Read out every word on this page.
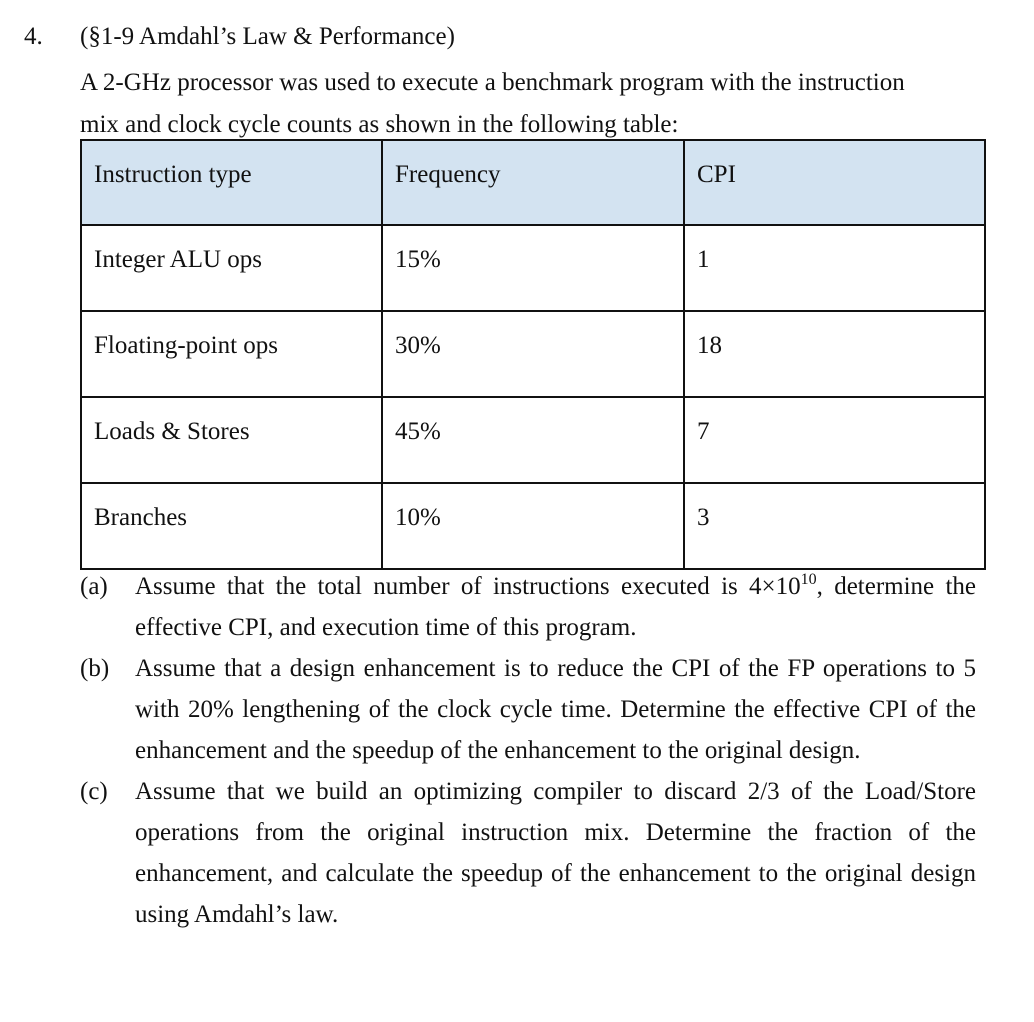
4. (§1-9 Amdahl’s Law & Performance)
A 2-GHz processor was used to execute a benchmark program with the instruction
mix and clock cycle counts as shown in the following table:
Instruction type	Frequency	CPI
Integer ALU ops	15%	1
Floating-point ops	30%	18
Loads & Stores	45%	7
Branches	10%	3
(a) Assume that the total number of instructions executed is $4\times 10^{10}$, determine the effective CPI, and execution time of this program.
(b) Assume that a design enhancement is to reduce the CPI of the FP operations to 5 with 20% lengthening of the clock cycle time. Determine the effective CPI of the enhancement and the speedup of the enhancement to the original design.
(c) Assume that we build an optimizing compiler to discard 2/3 of the Load/Store operations from the original instruction mix. Determine the fraction of the enhancement, and calculate the speedup of the enhancement to the original design using Amdahl’s law.
